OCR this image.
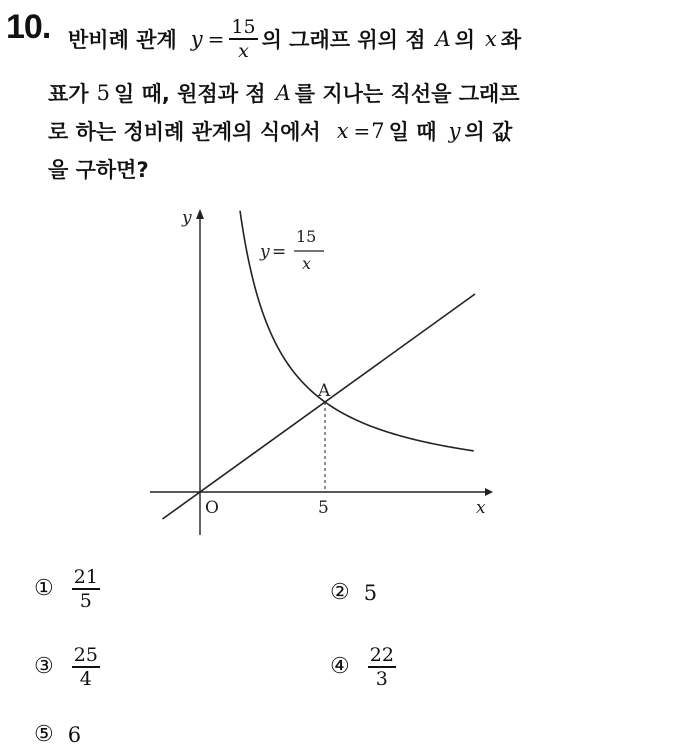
10. 반비례 관계 $y = \frac{15}{x}$ 의 그래프 위의 점 A 의 x 좌
표가 5 일 때, 원점과 점 A 를 지나는 직선을 그래프
로 하는 정비례 관계의 식에서 x = 7 일 때 y 의 값
을 구하면?
y
x
O	5
A
y =
15
x
① $\frac{21}{5}$	② 5
③ $\frac{25}{4}$	④ $\frac{22}{3}$
⑤ 6
